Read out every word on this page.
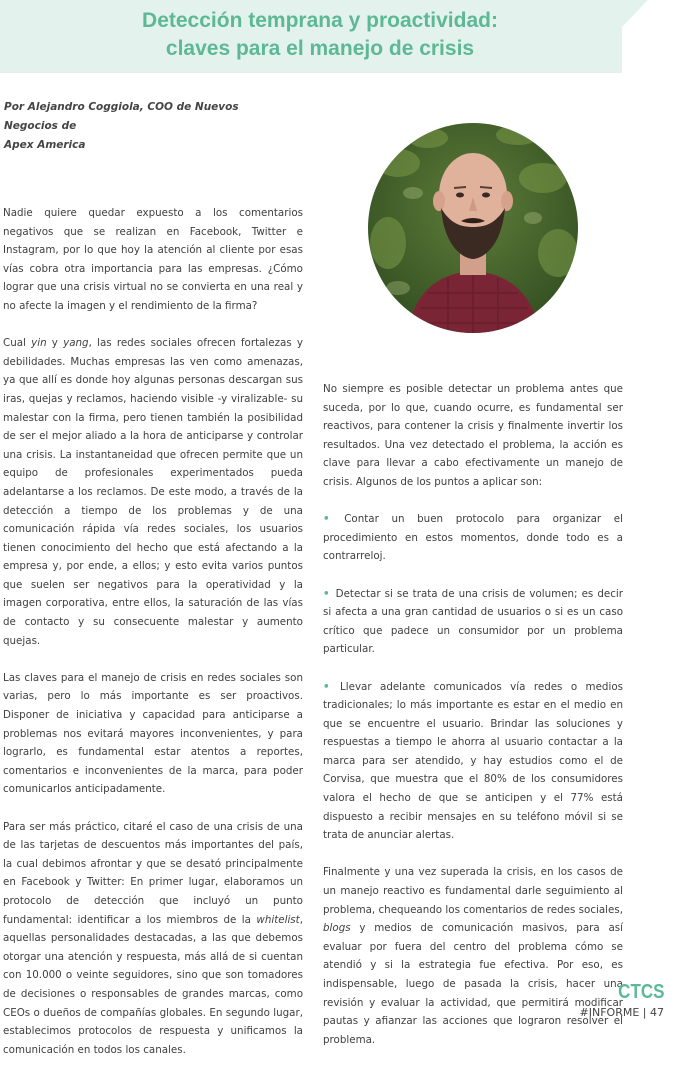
Detección temprana y proactividad:
claves para el manejo de crisis

Por Alejandro Coggiola, COO de Nuevos Negocios de
Apex America

Nadie quiere quedar expuesto a los comentarios negativos que se realizan en Facebook, Twitter e Instagram, por lo que hoy la atención al cliente por esas vías cobra otra importancia para las empresas. ¿Cómo lograr que una crisis virtual no se convierta en una real y no afecte la imagen y el rendimiento de la firma?

Cual yin y yang, las redes sociales ofrecen fortalezas y debilidades. Muchas empresas las ven como amenazas, ya que allí es donde hoy algunas personas descargan sus iras, quejas y reclamos, haciendo visible -y viralizable- su malestar con la firma, pero tienen también la posibilidad de ser el mejor aliado a la hora de anticiparse y controlar una crisis. La instantaneidad que ofrecen permite que un equipo de profesionales experimentados pueda adelantarse a los reclamos. De este modo, a través de la detección a tiempo de los problemas y de una comunicación rápida vía redes sociales, los usuarios tienen conocimiento del hecho que está afectando a la empresa y, por ende, a ellos; y esto evita varios puntos que suelen ser negativos para la operatividad y la imagen corporativa, entre ellos, la saturación de las vías de contacto y su consecuente malestar y aumento quejas.

Las claves para el manejo de crisis en redes sociales son varias, pero lo más importante es ser proactivos. Disponer de iniciativa y capacidad para anticiparse a problemas nos evitará mayores inconvenientes, y para lograrlo, es fundamental estar atentos a reportes, comentarios e inconvenientes de la marca, para poder comunicarlos anticipadamente.

Para ser más práctico, citaré el caso de una crisis de una de las tarjetas de descuentos más importantes del país, la cual debimos afrontar y que se desató principalmente en Facebook y Twitter: En primer lugar, elaboramos un protocolo de detección que incluyó un punto fundamental: identificar a los miembros de la whitelist, aquellas personalidades destacadas, a las que debemos otorgar una atención y respuesta, más allá de si cuentan con 10.000 o veinte seguidores, sino que son tomadores de decisiones o responsables de grandes marcas, como CEOs o dueños de compañías globales. En segundo lugar, establecimos protocolos de respuesta y unificamos la comunicación en todos los canales.

No siempre es posible detectar un problema antes que suceda, por lo que, cuando ocurre, es fundamental ser reactivos, para contener la crisis y finalmente invertir los resultados. Una vez detectado el problema, la acción es clave para llevar a cabo efectivamente un manejo de crisis. Algunos de los puntos a aplicar son:

• Contar un buen protocolo para organizar el procedimiento en estos momentos, donde todo es a contrarreloj.

• Detectar si se trata de una crisis de volumen; es decir si afecta a una gran cantidad de usuarios o si es un caso crítico que padece un consumidor por un problema particular.

• Llevar adelante comunicados vía redes o medios tradicionales; lo más importante es estar en el medio en que se encuentre el usuario. Brindar las soluciones y respuestas a tiempo le ahorra al usuario contactar a la marca para ser atendido, y hay estudios como el de Corvisa, que muestra que el 80% de los consumidores valora el hecho de que se anticipen y el 77% está dispuesto a recibir mensajes en su teléfono móvil si se trata de anunciar alertas.

Finalmente y una vez superada la crisis, en los casos de un manejo reactivo es fundamental darle seguimiento al problema, chequeando los comentarios de redes sociales, blogs y medios de comunicación masivos, para así evaluar por fuera del centro del problema cómo se atendió y si la estrategia fue efectiva. Por eso, es indispensable, luego de pasada la crisis, hacer una revisión y evaluar la actividad, que permitirá modificar pautas y afianzar las acciones que lograron resolver el problema.

CTCS

#INFORME | 47
